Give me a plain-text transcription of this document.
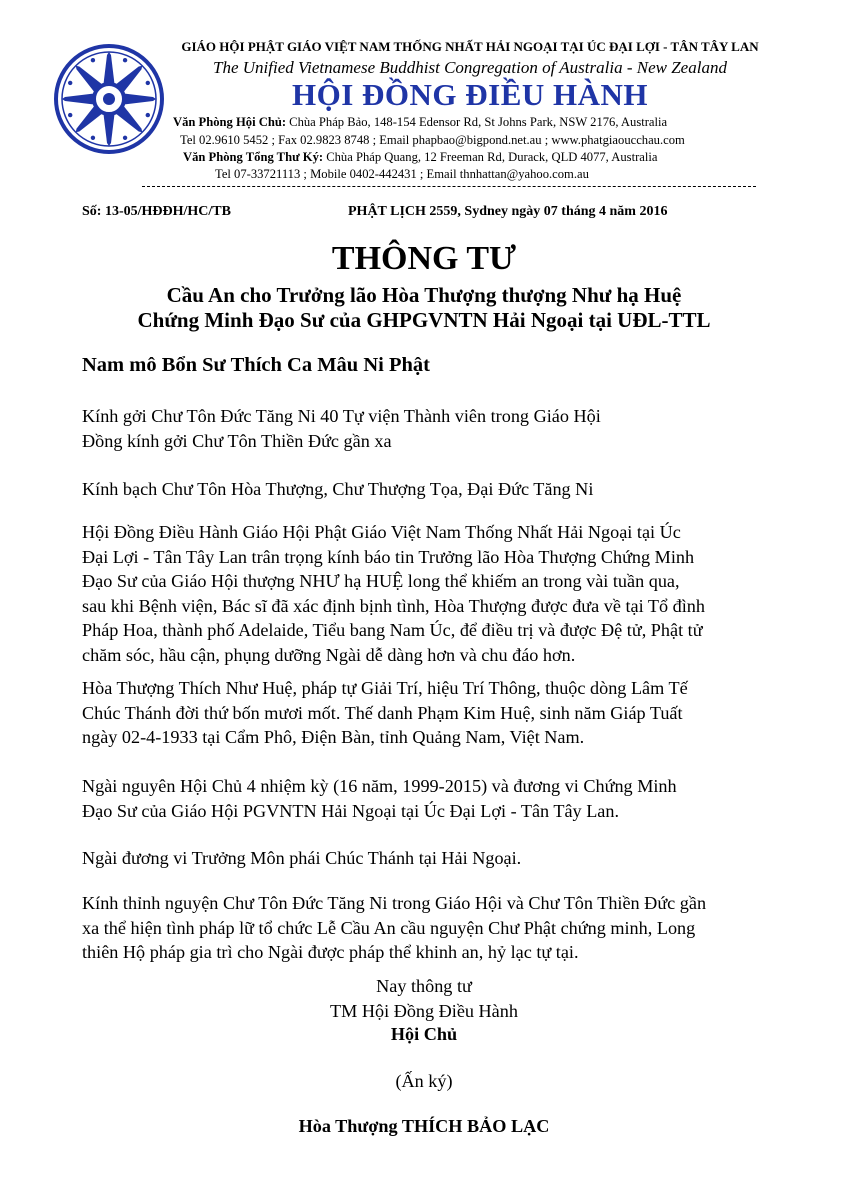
GIÁO HỘI PHẬT GIÁO VIỆT NAM THỐNG NHẤT HẢI NGOẠI TẠI ÚC ĐẠI LỢI - TÂN TÂY LAN
The Unified Vietnamese Buddhist Congregation of Australia - New Zealand
HỘI ĐỒNG ĐIỀU HÀNH
Văn Phòng Hội Chủ: Chùa Pháp Bảo, 148-154 Edensor Rd, St Johns Park, NSW 2176, Australia
Tel 02.9610 5452 ; Fax 02.9823 8748 ; Email phapbao@bigpond.net.au ; www.phatgiaoucchau.com
Văn Phòng Tổng Thư Ký: Chùa Pháp Quang, 12 Freeman Rd, Durack, QLD 4077, Australia
Tel 07-33721113 ; Mobile 0402-442431 ; Email thnhattan@yahoo.com.au
Số: 13-05/HĐĐH/HC/TB	PHẬT LỊCH 2559, Sydney ngày 07 tháng 4 năm 2016
THÔNG TƯ
Cầu An cho Trưởng lão Hòa Thượng thượng Như hạ Huệ
Chứng Minh Đạo Sư của GHPGVNTN Hải Ngoại tại UĐL-TTL
Nam mô Bổn Sư Thích Ca Mâu Ni Phật
Kính gởi Chư Tôn Đức Tăng Ni 40 Tự viện Thành viên trong Giáo Hội
Đồng kính gởi Chư Tôn Thiền Đức gần xa
Kính bạch Chư Tôn Hòa Thượng, Chư Thượng Tọa, Đại Đức Tăng Ni
Hội Đồng Điều Hành Giáo Hội Phật Giáo Việt Nam Thống Nhất Hải Ngoại tại Úc
Đại Lợi - Tân Tây Lan trân trọng kính báo tin Trưởng lão Hòa Thượng Chứng Minh
Đạo Sư của Giáo Hội thượng NHƯ hạ HUỆ long thể khiếm an trong vài tuần qua,
sau khi Bệnh viện, Bác sĩ đã xác định bịnh tình, Hòa Thượng được đưa về tại Tổ đình
Pháp Hoa, thành phố Adelaide, Tiểu bang Nam Úc, để điều trị và được Đệ tử, Phật tử
chăm sóc, hầu cận, phụng dưỡng Ngài dễ dàng hơn và chu đáo hơn.
Hòa Thượng Thích Như Huệ, pháp tự Giải Trí, hiệu Trí Thông, thuộc dòng Lâm Tế
Chúc Thánh đời thứ bốn mươi mốt. Thế danh Phạm Kim Huệ, sinh năm Giáp Tuất
ngày 02-4-1933 tại Cẩm Phô, Điện Bàn, tỉnh Quảng Nam, Việt Nam.
Ngài nguyên Hội Chủ 4 nhiệm kỳ (16 năm, 1999-2015) và đương vi Chứng Minh
Đạo Sư của Giáo Hội PGVNTN Hải Ngoại tại Úc Đại Lợi - Tân Tây Lan.
Ngài đương vi Trưởng Môn phái Chúc Thánh tại Hải Ngoại.
Kính thỉnh nguyện Chư Tôn Đức Tăng Ni trong Giáo Hội và Chư Tôn Thiền Đức gần
xa thể hiện tình pháp lữ tổ chức Lễ Cầu An cầu nguyện Chư Phật chứng minh, Long
thiên Hộ pháp gia trì cho Ngài được pháp thể khinh an, hỷ lạc tự tại.
Nay thông tư
TM Hội Đồng Điều Hành
Hội Chủ
(Ấn ký)
Hòa Thượng THÍCH BẢO LẠC
